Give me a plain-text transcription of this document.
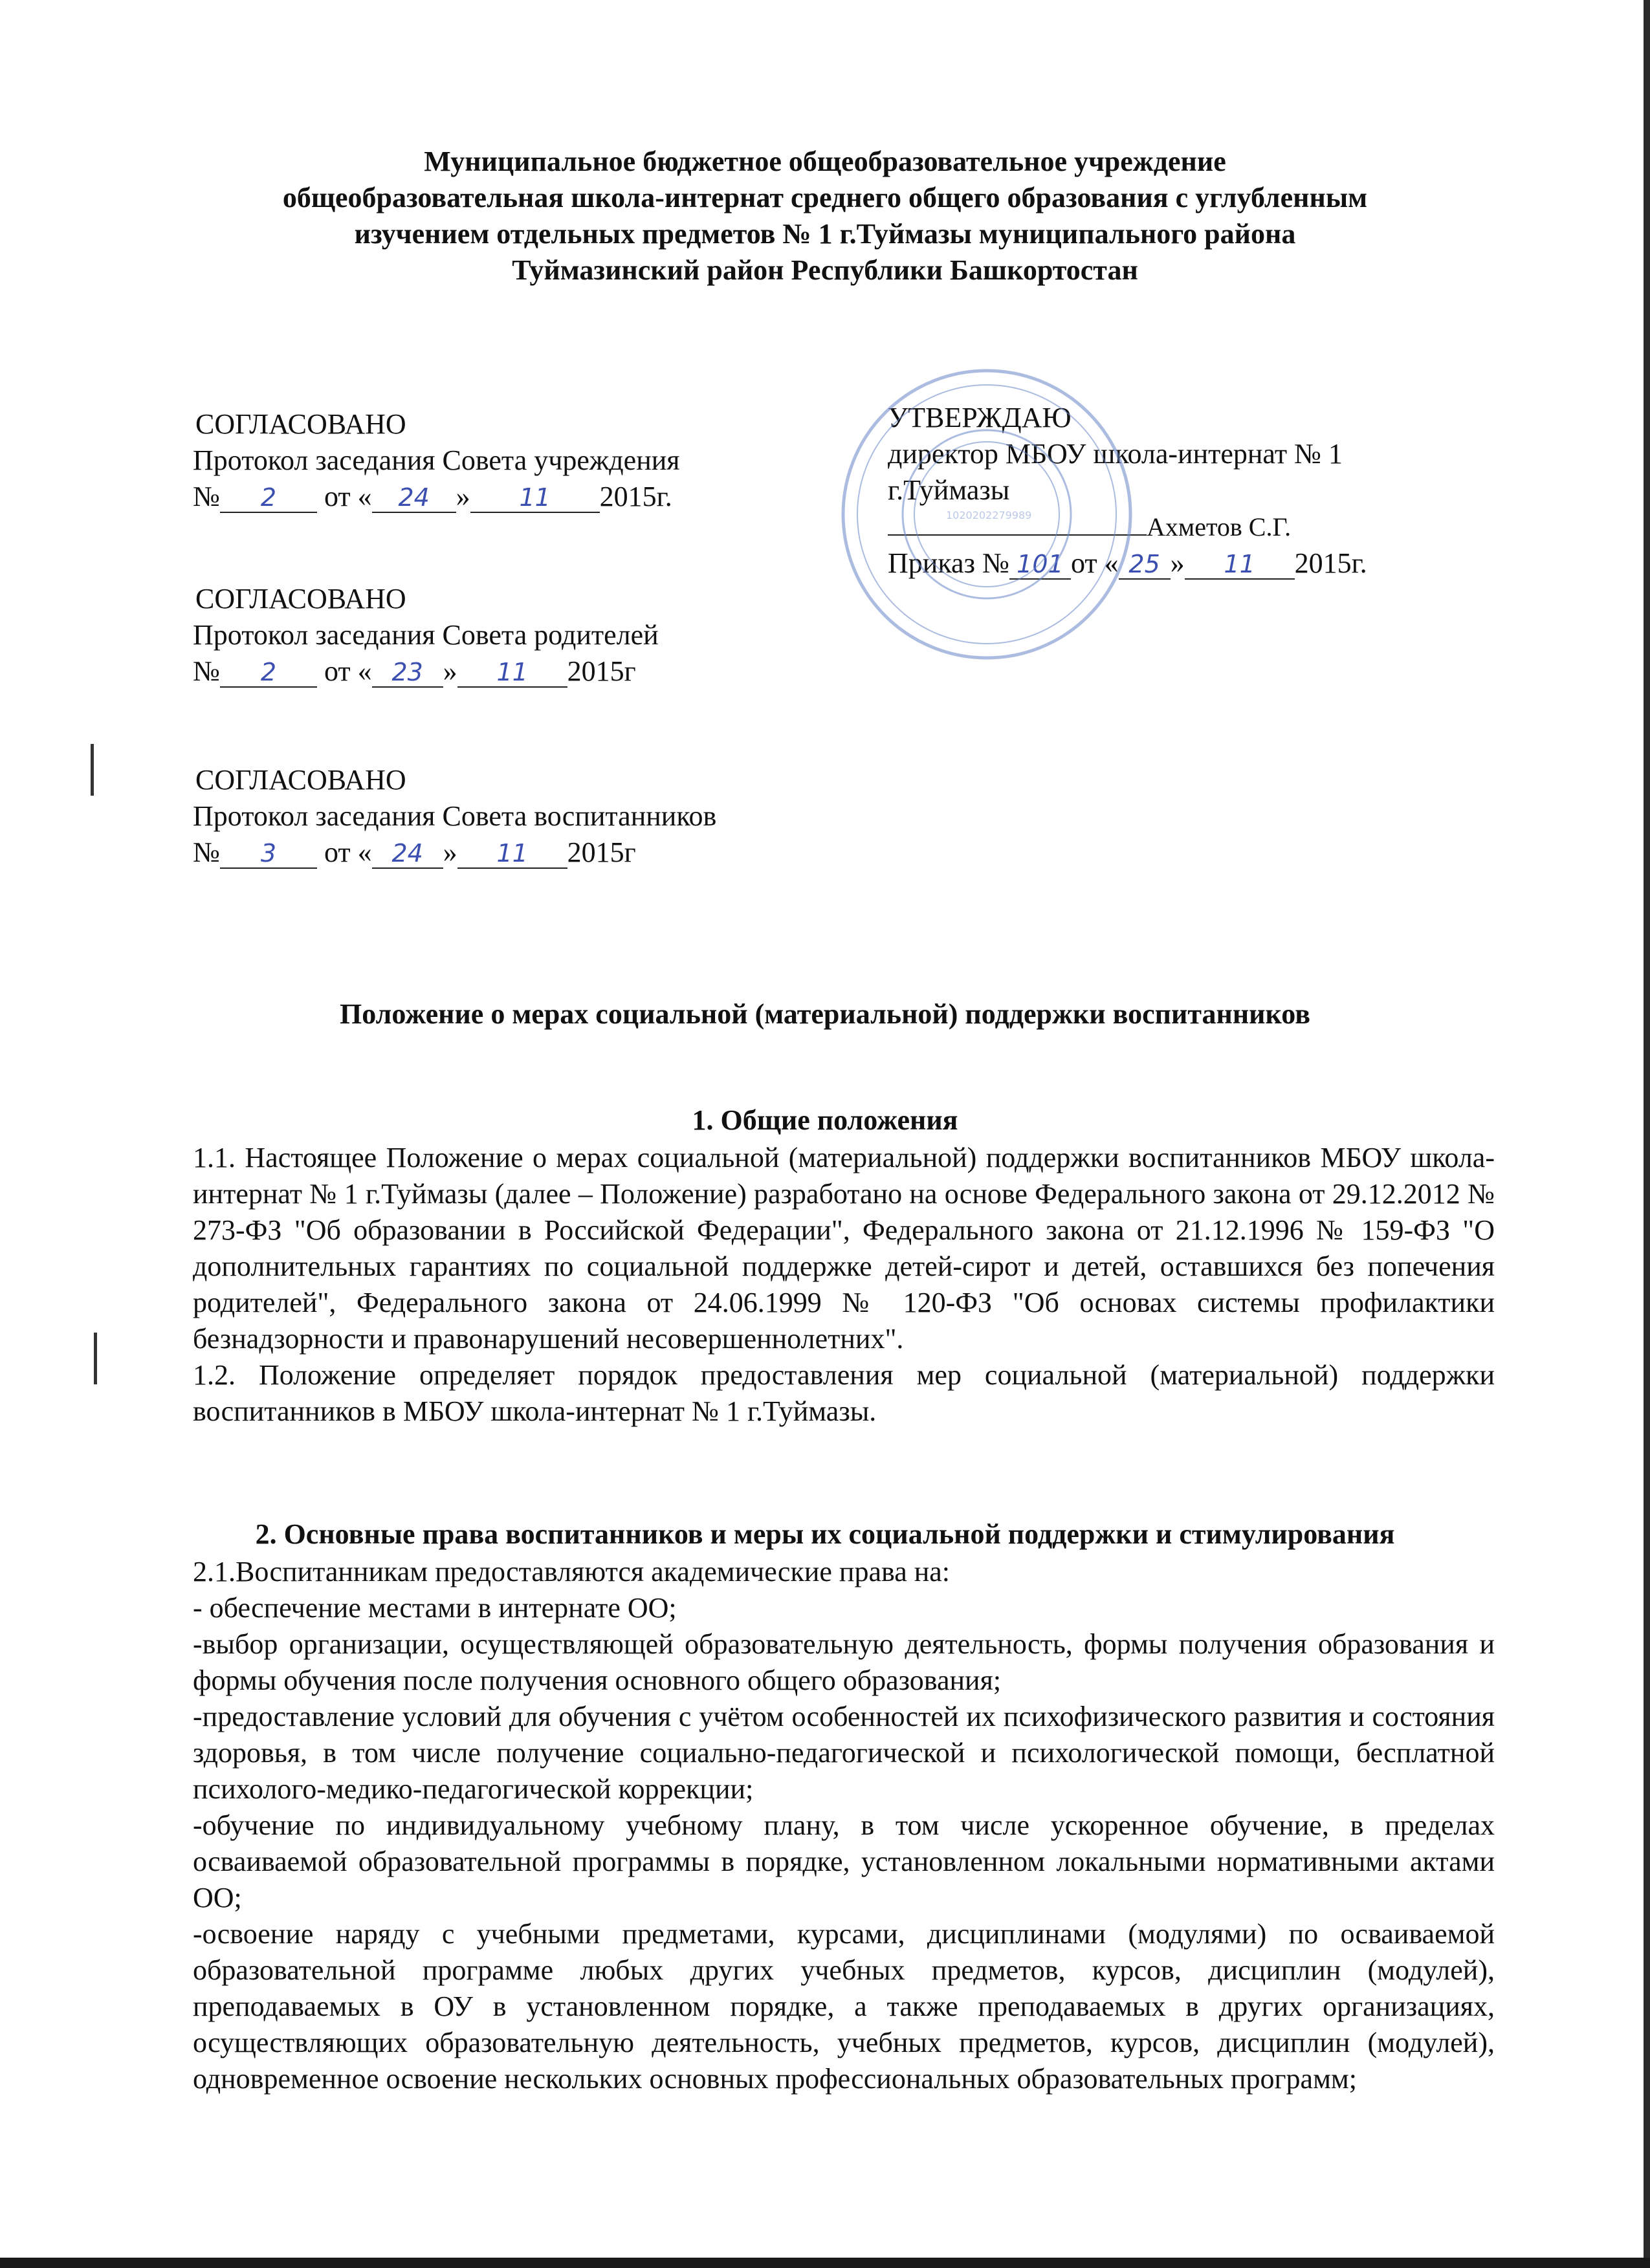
Муниципальное бюджетное общеобразовательное учреждение
общеобразовательная школа-интернат среднего общего образования с углубленным
изучением отдельных предметов № 1 г.Туймазы муниципального района
Туймазинский район Республики Башкортостан
СОГЛАСОВАНО
Протокол заседания Совета учреждения
№ 2 от « 24 » 11 2015г.
СОГЛАСОВАНО
Протокол заседания Совета родителей
№ 2 от « 23 » 11 2015г
СОГЛАСОВАНО
Протокол заседания Совета воспитанников
№ 3 от « 24 » 11 2015г
УТВЕРЖДАЮ
директор МБОУ школа-интернат № 1
г.Туймазы
Ахметов С.Г.
Приказ № 101 от « 25 » 11 2015г.
1020202279989
Положение о мерах социальной (материальной) поддержки воспитанников
1. Общие положения

1.1. Настоящее Положение о мерах социальной (материальной) поддержки воспитанников МБОУ школа-интернат № 1 г.Туймазы (далее – Положение) разработано на основе Федерального закона от 29.12.2012 № 273-ФЗ "Об образовании в Российской Федерации", Федерального закона от 21.12.1996 № 159-ФЗ "О дополнительных гарантиях по социальной поддержке детей-сирот и детей, оставшихся без попечения родителей", Федерального закона от 24.06.1999 № 120-ФЗ "Об основах системы профилактики безнадзорности и правонарушений несовершеннолетних".

1.2. Положение определяет порядок предоставления мер социальной (материальной) поддержки воспитанников в МБОУ школа-интернат № 1 г.Туймазы.

2. Основные права воспитанников и меры их социальной поддержки и стимулирования

2.1.Воспитанникам предоставляются академические права на:

- обеспечение местами в интернате ОО;

-выбор организации, осуществляющей образовательную деятельность, формы получения образования и формы обучения после получения основного общего образования;

-предоставление условий для обучения с учётом особенностей их психофизического развития и состояния здоровья, в том числе получение социально-педагогической и психологической помощи, бесплатной психолого-медико-педагогической коррекции;

-обучение по индивидуальному учебному плану, в том числе ускоренное обучение, в пределах осваиваемой образовательной программы в порядке, установленном локальными нормативными актами ОО;

-освоение наряду с учебными предметами, курсами, дисциплинами (модулями) по осваиваемой образовательной программе любых других учебных предметов, курсов, дисциплин (модулей), преподаваемых в ОУ в установленном порядке, а также преподаваемых в других организациях, осуществляющих образовательную деятельность, учебных предметов, курсов, дисциплин (модулей), одновременное освоение нескольких основных профессиональных образовательных программ;
